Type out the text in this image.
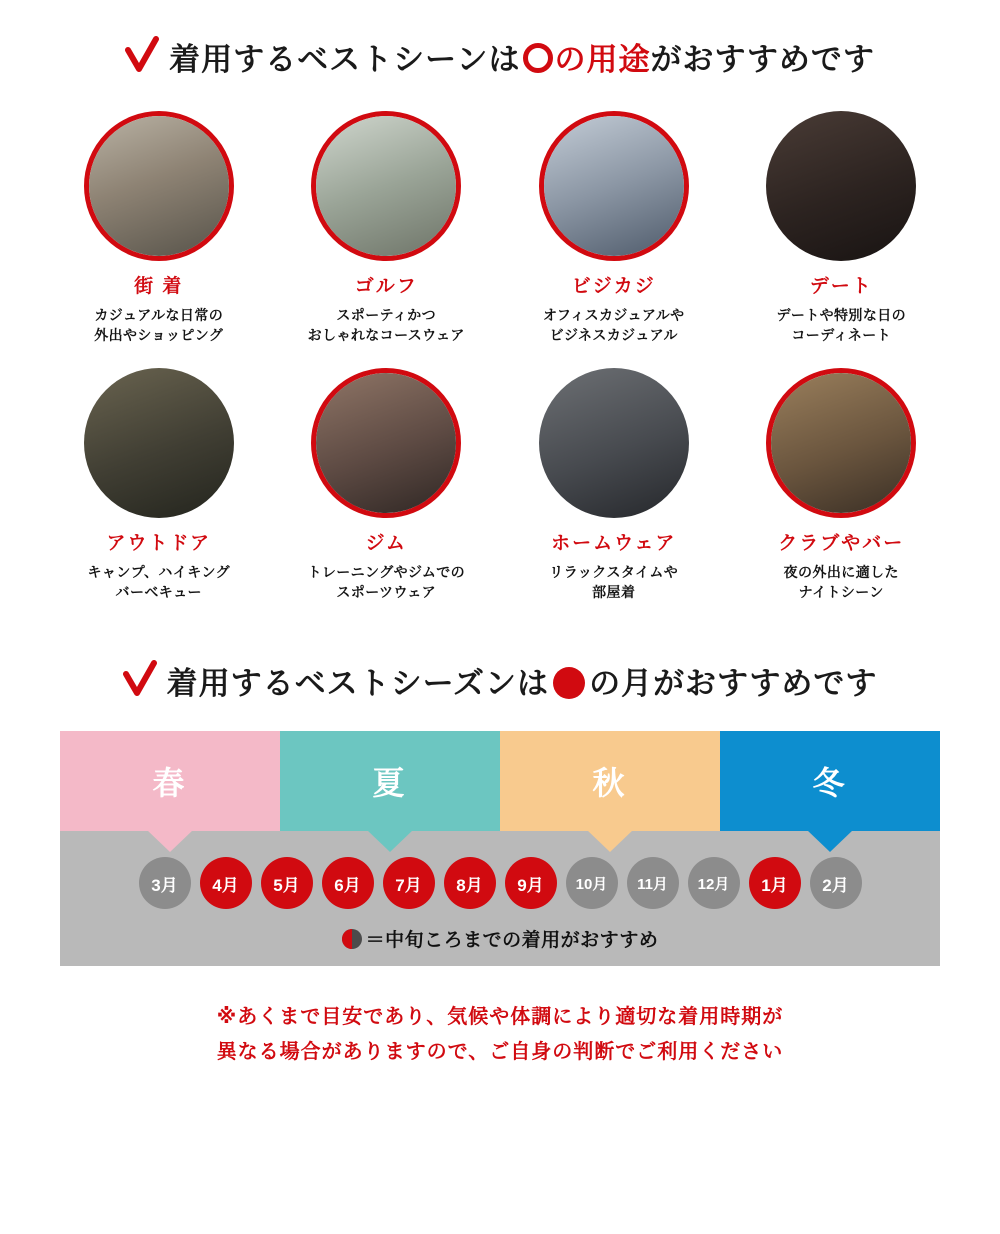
着用するベストシーンは の用途がおすすめです
街 着
カジュアルな日常の
外出やショッピング
ゴルフ
スポーティかつ
おしゃれなコースウェア
ビジカジ
オフィスカジュアルや
ビジネスカジュアル
デート
デートや特別な日の
コーディネート
アウトドア
キャンプ、ハイキング
バーベキュー
ジム
トレーニングやジムでの
スポーツウェア
ホームウェア
リラックスタイムや
部屋着
クラブやバー
夜の外出に適した
ナイトシーン
着用するベストシーズンは の月がおすすめです
春	夏	秋	冬
3月 4月 5月 6月 7月 8月 9月 10月 11月 12月 1月 2月
＝中旬ころまでの着用がおすすめ
※あくまで目安であり、気候や体調により適切な着用時期が
異なる場合がありますので、ご自身の判断でご利用ください
